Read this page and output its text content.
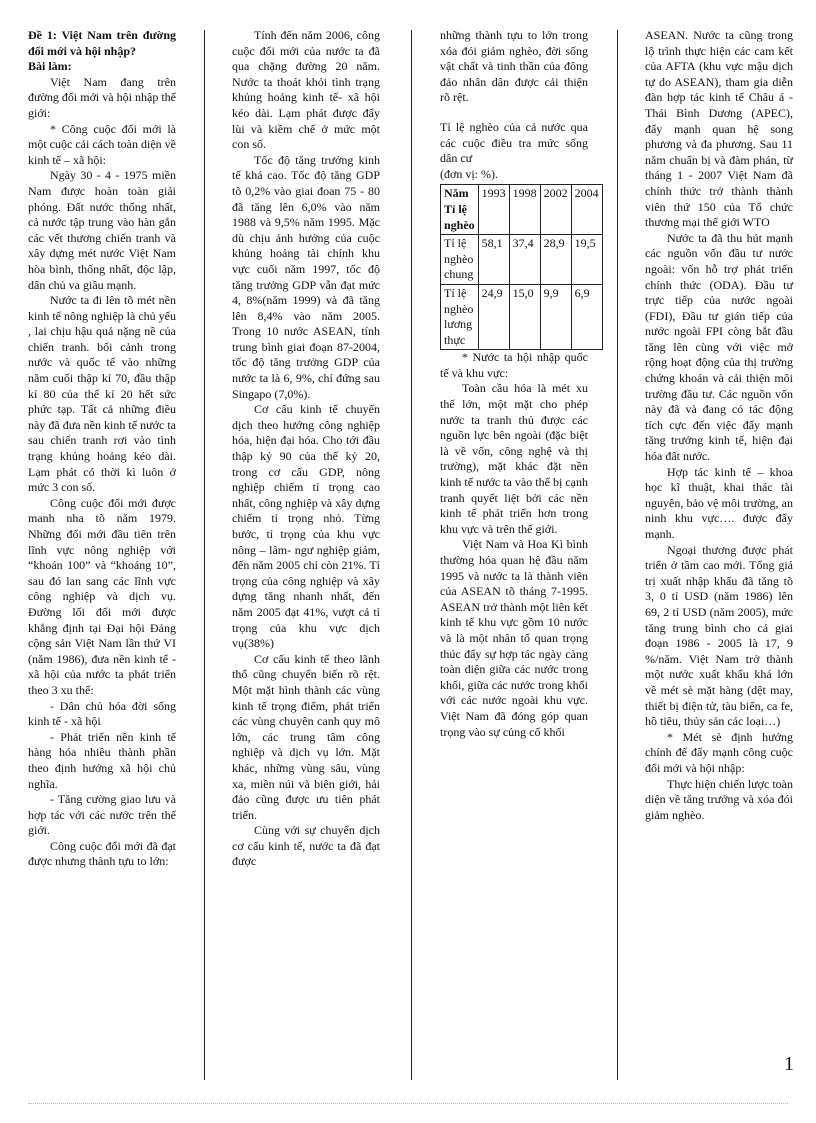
Đề 1: Việt Nam trên đường đổi mới và hội nhập?

Bài làm:

Việt Nam đang trên đường đổi mới và hội nhập thế giới:

* Công cuộc đổi mới là một cuộc cải cách toàn diện về kinh tế – xã hội:

Ngày 30 - 4 - 1975 miền Nam được hoàn toàn giải phóng. Đất nước thống nhất, cả nước tập trung vào hàn gắn các vết thương chiến tranh và xây dựng mét nước Việt Nam hòa bình, thống nhất, độc lập, dân chủ va giầu mạnh.

Nước ta đi lên tõ mét nền kinh tế nông nghiệp là chủ yếu , lai chịu hậu quả nặng nề của chiến tranh. bối cảnh trong nước và quốc tế vào những năm cuối thập kỉ 70, đầu thập kỉ 80 của thế kỉ 20 hết sức phức tạp. Tất cả những điều này đã đưa nền kinh tế nước ta sau chiến tranh rơi vào tình trạng khủng hoảng kéo dài. Lạm phát có thời kì luôn ở mức 3 con số.

Công cuộc đổi mới được manh nha tõ năm 1979. Những đổi mới đầu tiên trên lĩnh vực nông nghiệp với “khoán 100” và “khoáng 10”, sau đó lan sang các lĩnh vực công nghiệp và dịch vụ. Đường lối đổi mới được khẳng định tại Đại hội Đảng cộng sản Việt Nam lần thứ VI (năm 1986), đưa nền kinh tế - xã hội của nước ta phát triển theo 3 xu thế:

- Dân chủ hóa đời sống kinh tế - xã hội

- Phát triển nền kinh tế hàng hóa nhiều thành phần theo định hướng xã hội chủ nghĩa.

- Tăng cường giao lưu và hợp tác với các nước trên thế giới.

Công cuộc đổi mới đã đạt được nhưng thành tựu to lớn:

Tính đến năm 2006, công cuộc đổi mới của nước ta đã qua chặng đường 20 năm. Nước ta thoát khỏi tình trạng khủng hoảng kinh tế- xã hội kéo dài. Lạm phát được đẩy lùi và kiềm chế ở mức một con số.

Tốc độ tăng trưởng kinh tế khá cao. Tốc độ tăng GDP tõ 0,2% vào giai đoan 75 - 80 đã tăng lên 6,0% vào năm 1988 và 9,5% năm 1995. Mặc dù chịu ảnh hưởng của cuộc khủng hoảng tài chính khu vực cuối năm 1997, tốc độ tăng trưởng GDP vẫn đạt mức 4, 8%(năm 1999) và đã tăng lên 8,4% vào năm 2005. Trong 10 nước ASEAN, tính trung bình giai đoạn 87-2004, tốc độ tăng trưởng GDP của nước ta là 6, 9%, chỉ đứng sau Singapo (7,0%).

Cơ cấu kinh tế chuyển dịch theo hướng công nghiệp hóa, hiện đại hóa. Cho tới đầu thập kỷ 90 của thế kỷ 20, trong cơ cấu GDP, nông nghiệp chiếm tỉ trọng cao nhất, công nghiệp và xây dựng chiếm tỉ trọng nhỏ. Từng bước, tỉ trọng của khu vực nông – lâm- ngư nghiệp giảm, đến năm 2005 chỉ còn 21%. Tỉ trọng của công nghiệp và xây dựng tăng nhanh nhất, đến năm 2005 đạt 41%, vượt cả tỉ trọng của khu vực dịch vụ(38%)

Cơ cấu kinh tế theo lãnh thổ cũng chuyển biến rõ rệt. Một mặt hình thành các vùng kinh tế trọng điểm, phát triển các vùng chuyên canh quy mô lớn, các trung tâm công nghiệp và dịch vụ lớn. Mặt khác, những vùng sâu, vùng xa, miền núi và biên giới, hải đảo cũng được ưu tiên phát triển.

Cùng với sự chuyển dịch cơ cấu kinh tế, nước ta đã đạt được

những thành tựu to lớn trong xóa đói giảm nghèo, đời sống vật chất và tinh thần của đông đảo nhân dân được cải thiện rõ rệt.

Tỉ lệ nghèo của cả nước qua các cuộc điều tra mức sống dân cư

(đơn vị: %).

Năm Tỉ lệ nghèo	1993	1998	2002	2004
Tỉ lệ nghèo chung	58,1	37,4	28,9	19,5
Tỉ lệ nghèo lương thực	24,9	15,0	9,9	6,9

* Nước ta hội nhập quốc tế và khu vực:

Toàn cầu hóa là mét xu thế lớn, một mặt cho phép nước ta tranh thủ được các nguồn lực bên ngoài (đặc biệt là về vốn, công nghệ và thị trường), mặt khác đặt nền kinh tế nước ta vào thế bị cạnh tranh quyết liệt bởi các nền kinh tế phát triển hơn trong khu vực và trên thế giới.

Việt Nam và Hoa Kì bình thường hóa quan hệ đầu năm 1995 và nước ta là thành viên của ASEAN tõ tháng 7-1995. ASEAN trở thành một liên kết kinh tế khu vực gồm 10 nước và là một nhân tố quan trọng thúc đẩy sự hợp tác ngày càng toàn diện giữa các nước trong khối, giữa các nước trong khối với các nước ngoài khu vực. Việt Nam đã đóng góp quan trọng vào sự củng cố khối

ASEAN. Nước ta cũng trong lộ trình thực hiện các cam kết của AFTA (khu vực mậu dịch tự do ASEAN), tham gia diễn đàn hợp tác kinh tế Châu á - Thái Bình Dương (APEC), đẩy mạnh quan hệ song phương và đa phương. Sau 11 năm chuẩn bị và đàm phán, từ tháng 1 - 2007 Việt Nam đã chính thức trở thành thành viên thứ 150 của Tổ chức thương mại thế giới WTO

Nước ta đã thu hút mạnh các nguồn vốn đầu tư nước ngoài: vốn hỗ trợ phát triển chính thức (ODA). Đầu tư trực tiếp của nước ngoài (FDI), Đầu tư gián tiếp của nước ngoài FPI còng bắt đầu tăng lên cùng với việc mở rộng hoạt động của thị trường chứng khoán và cải thiện môi trường đầu tư. Các nguồn vốn này đã và đang có tác động tích cực đến việc đẩy mạnh tăng trưởng kinh tế, hiện đại hóa đất nước.

Hợp tác kinh tế – khoa học kĩ thuật, khai thác tài nguyên, bảo vệ môi trường, an ninh khu vực…. được đẩy mạnh.

Ngoại thương được phát triển ở tầm cao mới. Tổng giá trị xuất nhập khẩu đã tăng tõ 3, 0 tỉ USD (năm 1986) lên 69, 2 tỉ USD (năm 2005), mức tăng trung bình cho cả giai đoạn 1986 - 2005 là 17, 9 %/năm. Việt Nam trở thành một nước xuất khẩu khá lớn về mét sè mặt hàng (dệt may, thiết bị điện tử, tàu biển, ca fe, hồ tiêu, thủy sản các loại…)

* Mét sè định hướng chính để đẩy mạnh công cuộc đổi mới và hội nhập:

Thực hiện chiến lược toàn diện về tăng trưởng và xóa đói giảm nghèo.

1
